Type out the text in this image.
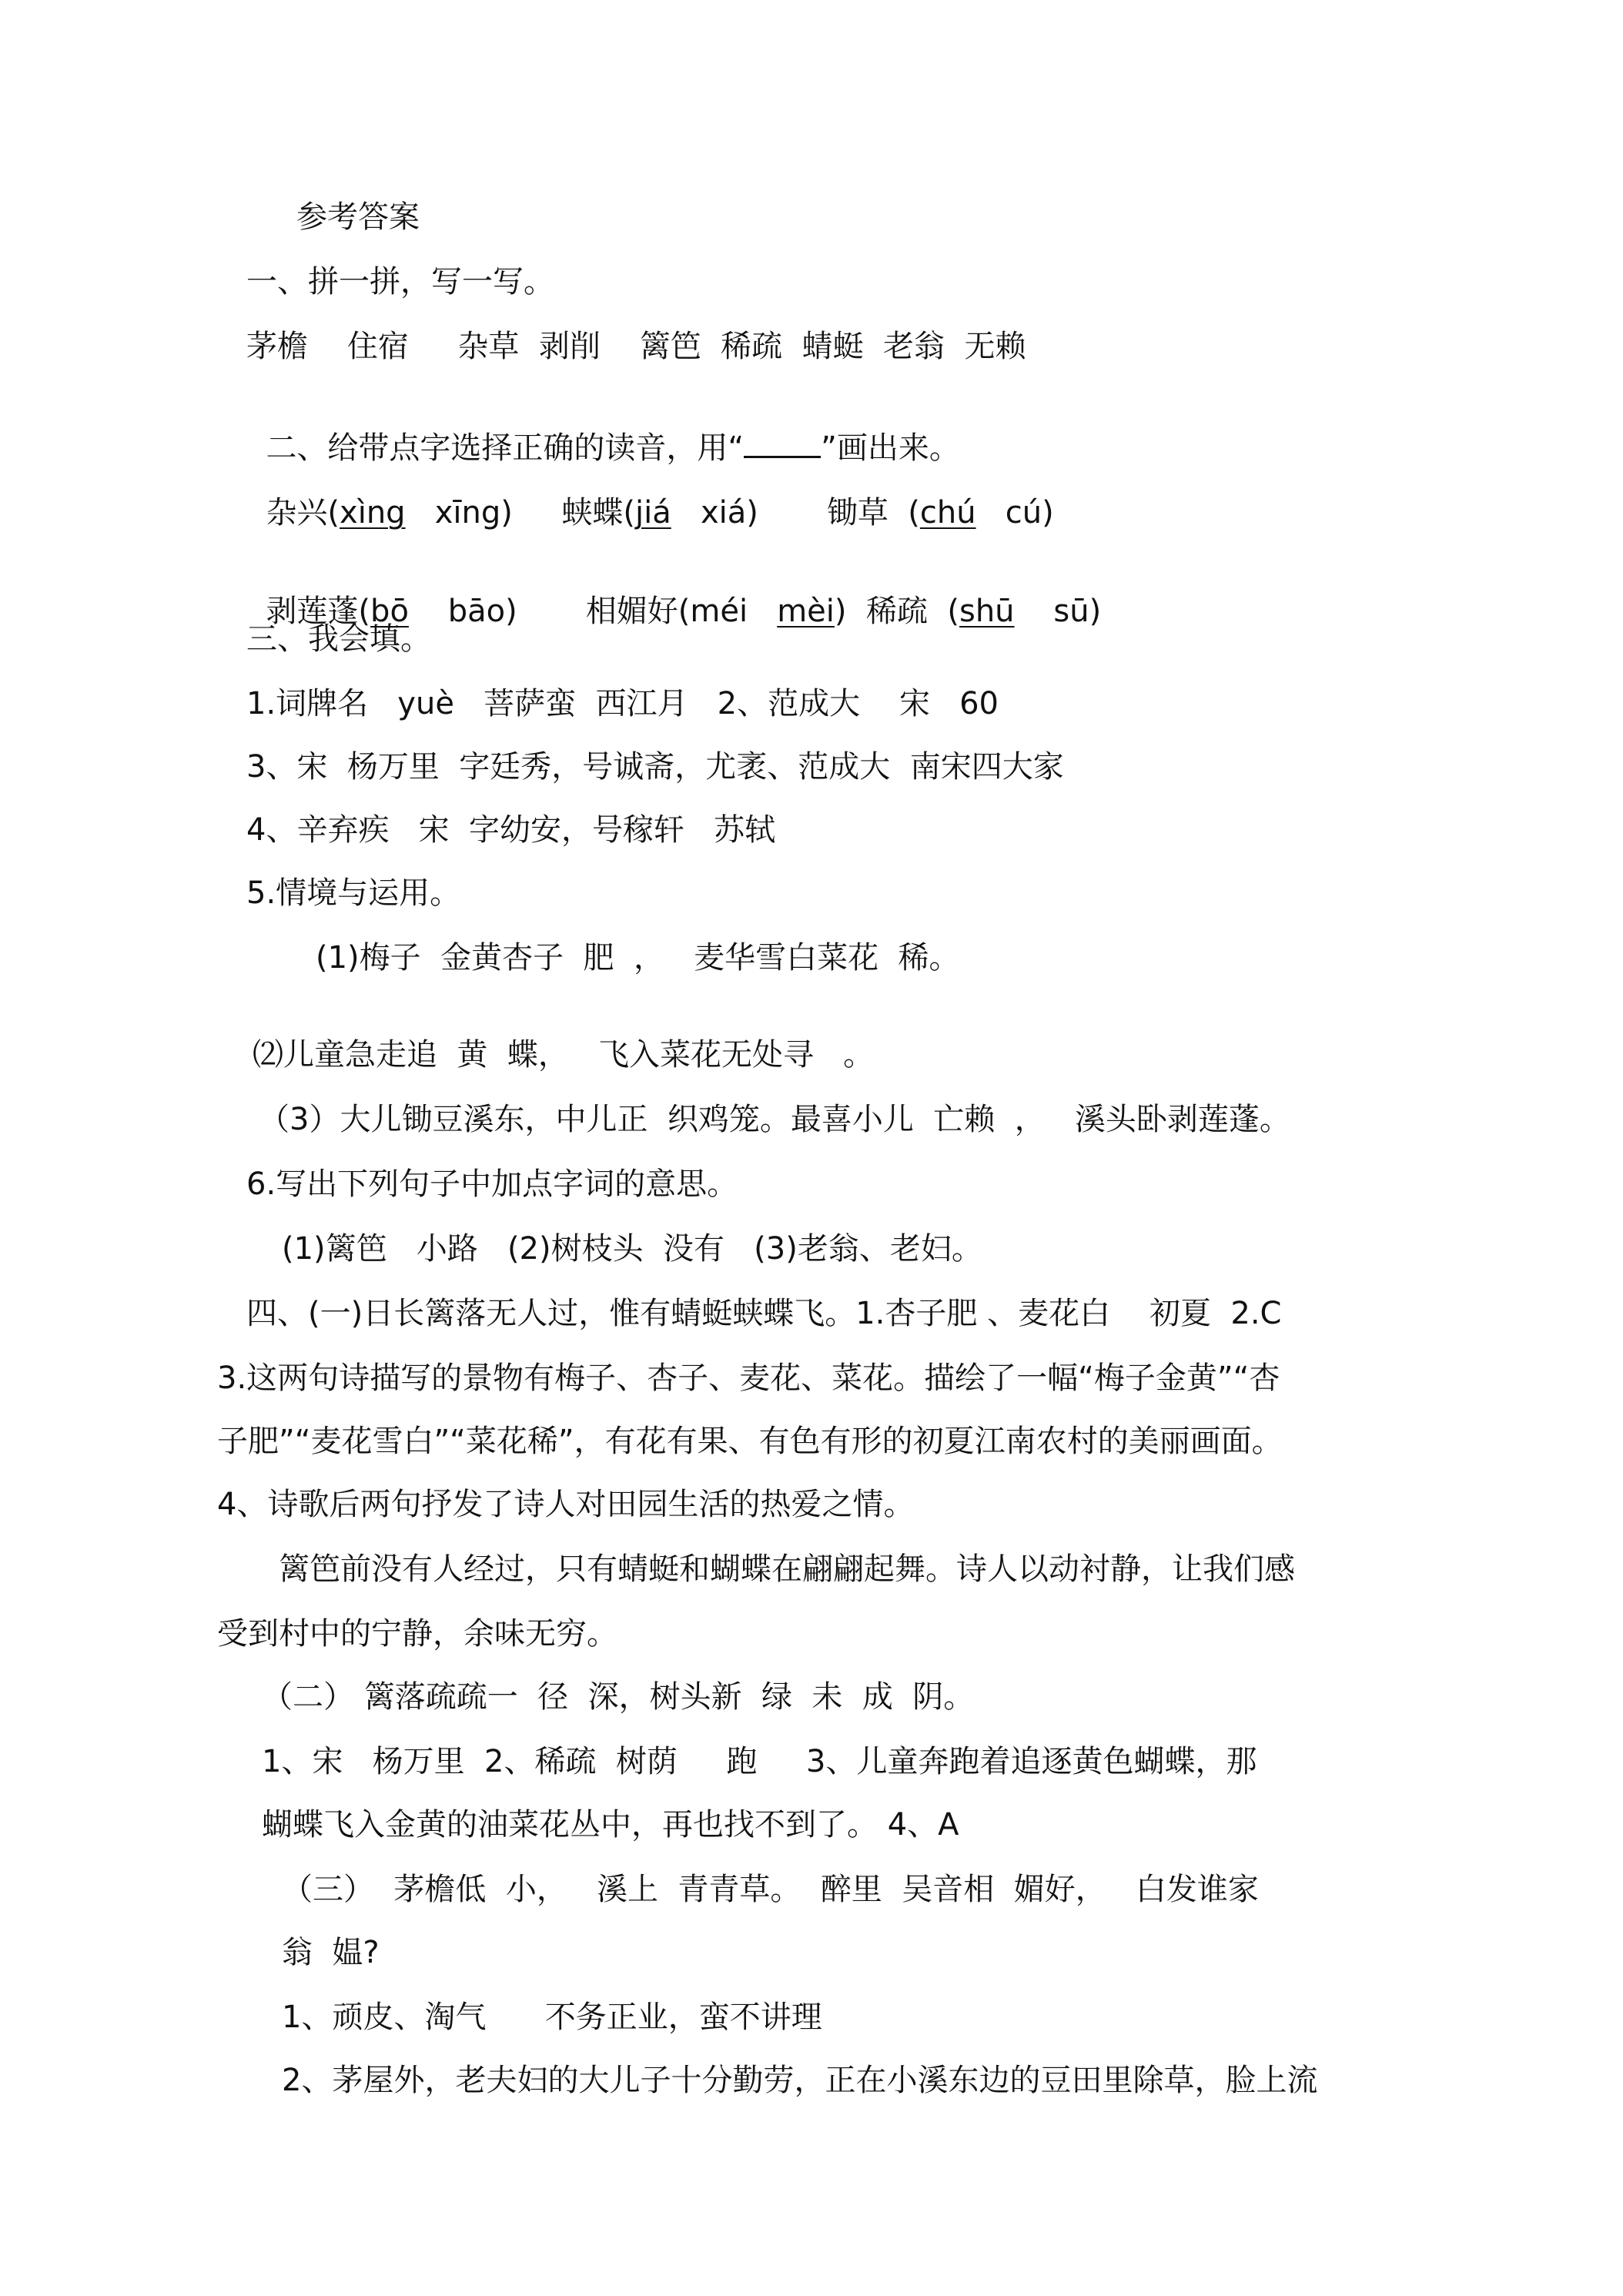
参考答案
一、拼一拼，写一写。
茅檐    住宿     杂草  剥削    篱笆  稀疏  蜻蜓  老翁  无赖

二、给带点字选择正确的读音，用“	”画出来。

杂兴(xìng   xīng)     蛱蝶(jiá   xiá)       锄草  (chú   cú)

剥莲蓬(bō    bāo)       相媚好(méi   mèi)  稀疏  (shū    sū)

三、我会填。
1.词牌名   yuè   菩萨蛮  西江月   2、范成大    宋   60
3、宋  杨万里  字廷秀，号诚斋，尤袤、范成大  南宋四大家
4、辛弃疾   宋  字幼安，号稼轩   苏轼
5.情境与运用。
(1)梅子  金黄杏子  肥  ，   麦华雪白菜花  稀。
⑵儿童急走追  黄  蝶，   飞入菜花无处寻   。
（3）大儿锄豆溪东，中儿正  织鸡笼。最喜小儿  亡赖  ，   溪头卧剥莲蓬。
6.写出下列句子中加点字词的意思。
(1)篱笆   小路   (2)树枝头  没有   (3)老翁、老妇。
四、(一)日长篱落无人过，惟有蜻蜓蛱蝶飞。1.杏子肥 、麦花白    初夏  2.C
3.这两句诗描写的景物有梅子、杏子、麦花、菜花。描绘了一幅“梅子金黄”“杏
子肥”“麦花雪白”“菜花稀”，有花有果、有色有形的初夏江南农村的美丽画面。
4、诗歌后两句抒发了诗人对田园生活的热爱之情。
篱笆前没有人经过，只有蜻蜓和蝴蝶在翩翩起舞。诗人以动衬静，让我们感
受到村中的宁静，余味无穷。
（二） 篱落疏疏一  径  深，树头新  绿  未  成  阴。
1、宋   杨万里  2、稀疏  树荫     跑     3、儿童奔跑着追逐黄色蝴蝶，那
蝴蝶飞入金黄的油菜花丛中，再也找不到了。 4、A
（三）  茅檐低  小，   溪上  青青草。  醉里  吴音相  媚好，   白发谁家
翁  媪?
1、顽皮、淘气      不务正业，蛮不讲理
2、茅屋外，老夫妇的大儿子十分勤劳，正在小溪东边的豆田里除草，脸上流
